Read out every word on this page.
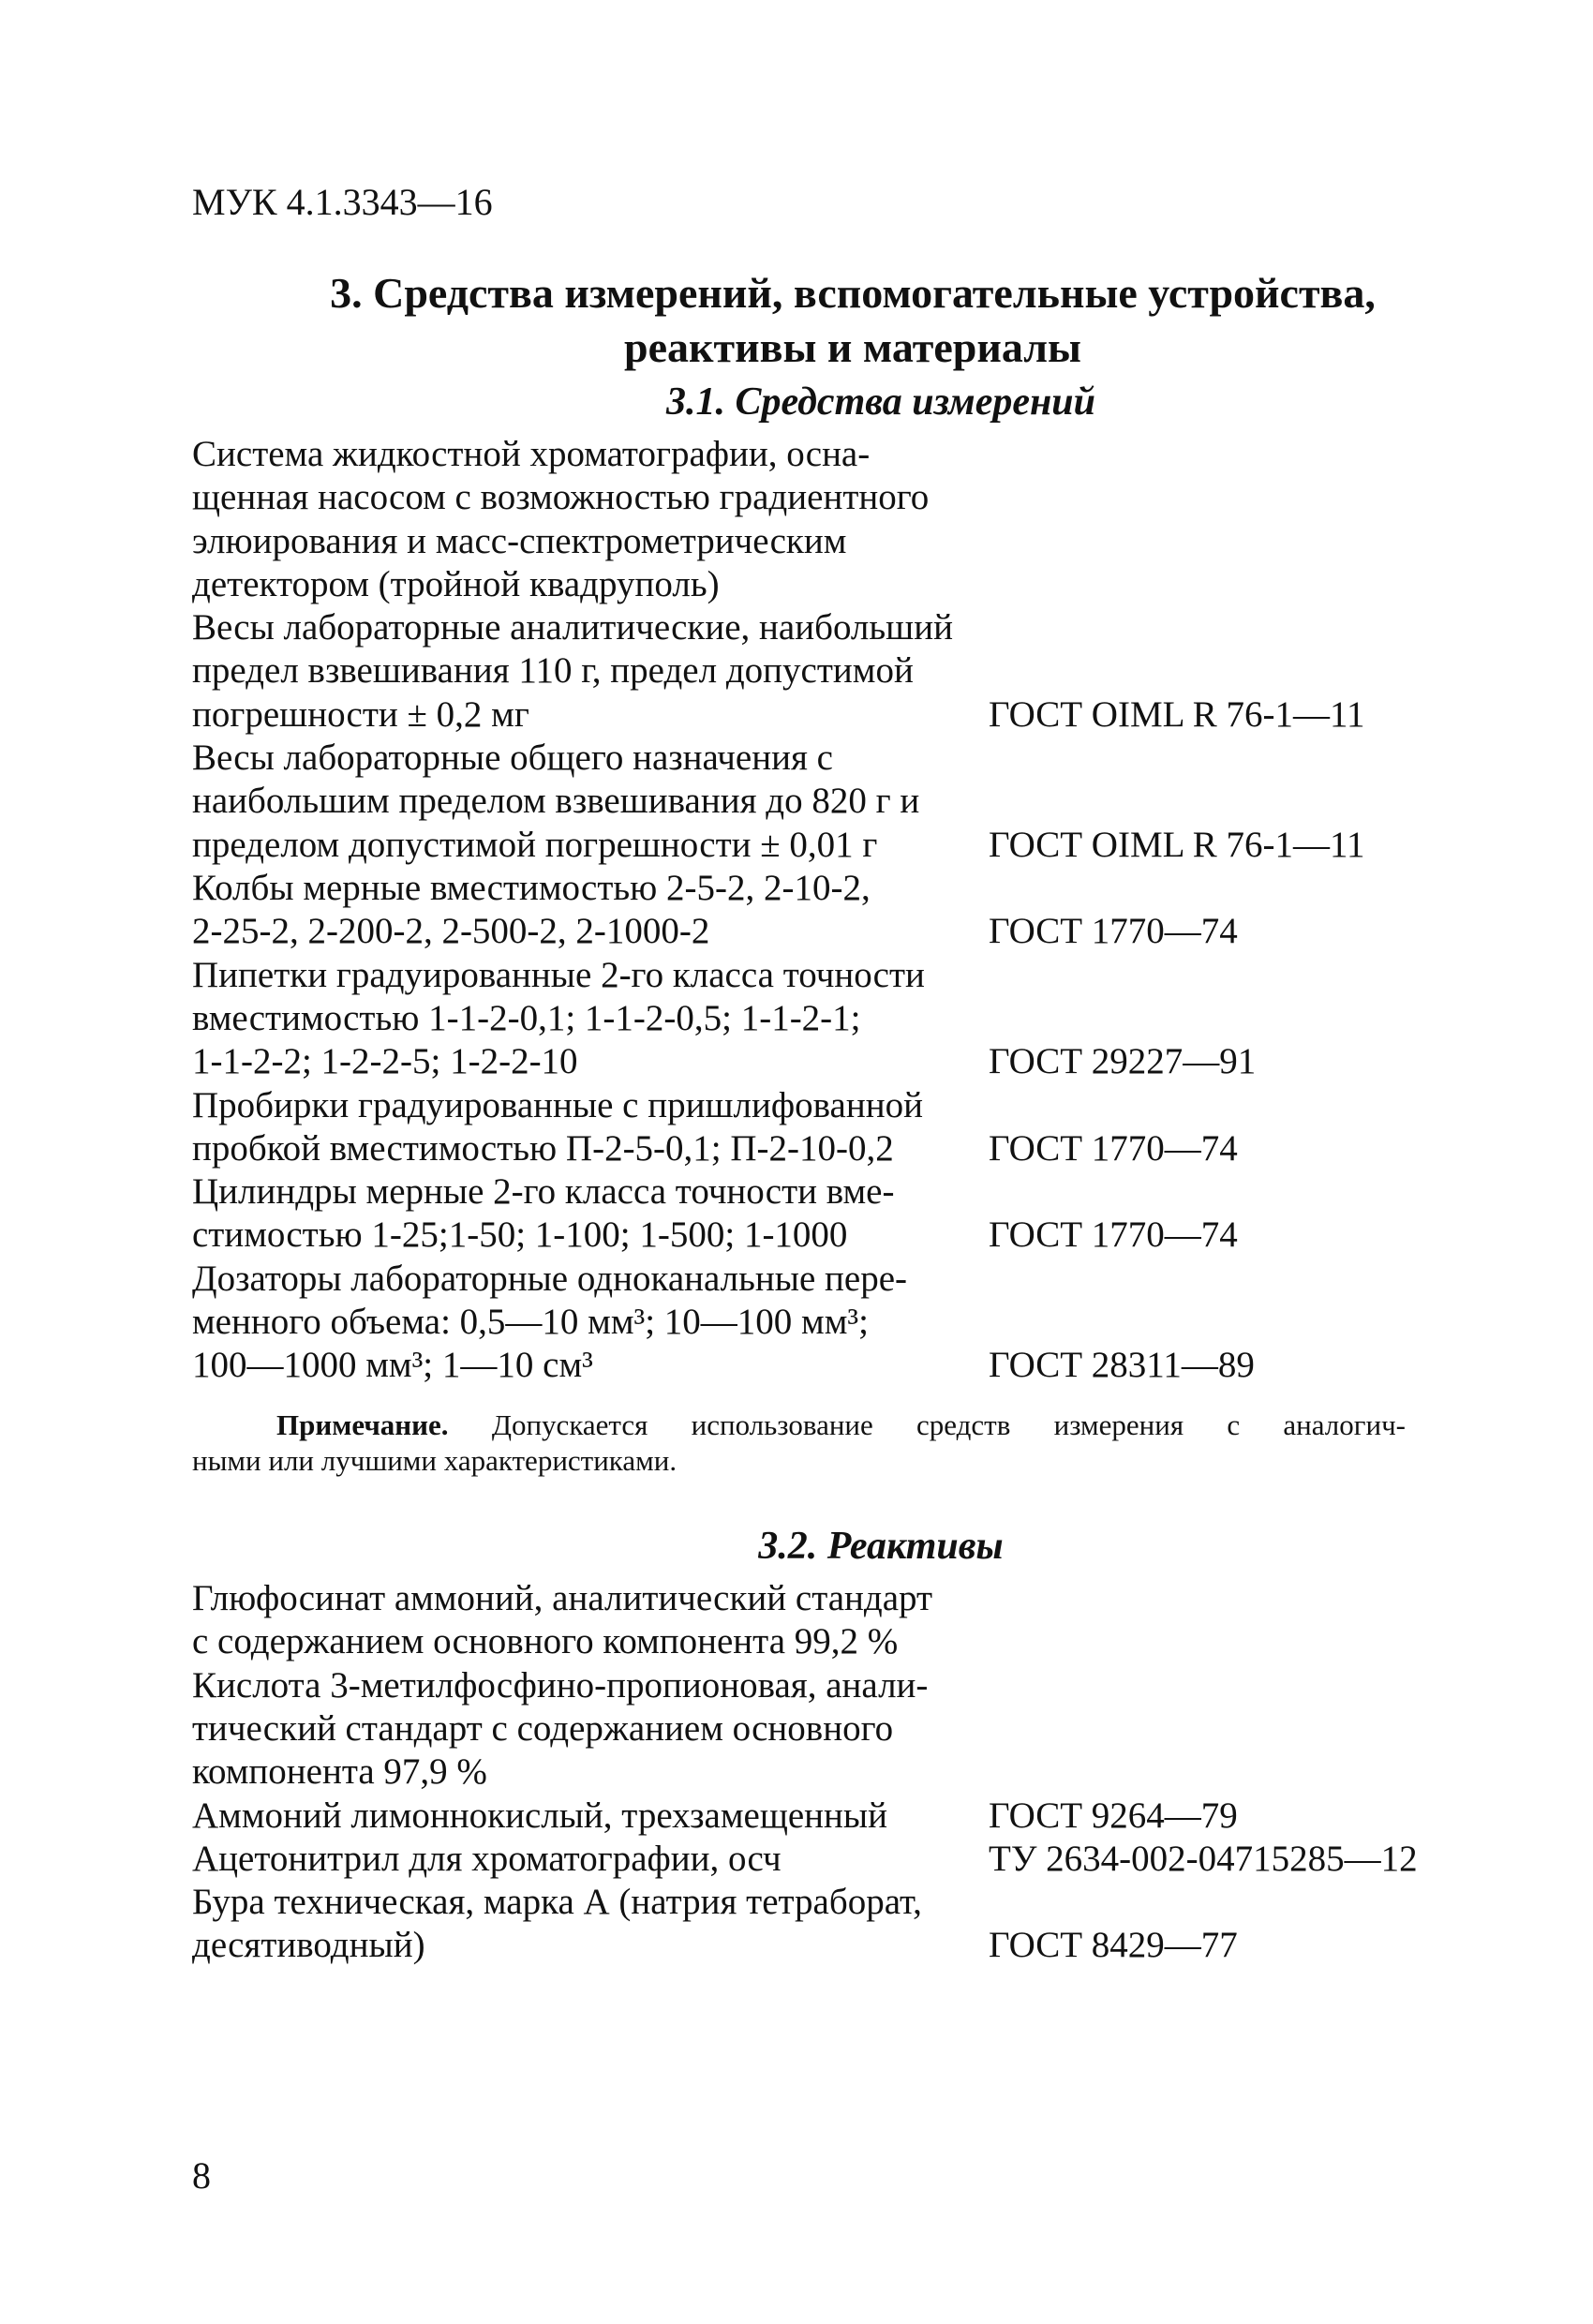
МУК 4.1.3343—16
3. Средства измерений, вспомогательные устройства,
реактивы и материалы
3.1. Средства измерений
Система жидкостной хроматографии, осна-
щенная насосом с возможностью градиентного
элюирования и масс-спектрометрическим
детектором (тройной квадруполь)
Весы лабораторные аналитические, наибольший
предел взвешивания 110 г, предел допустимой
погрешности ± 0,2 мг	ГОСТ OIML R 76-1—11
Весы лабораторные общего назначения с
наибольшим пределом взвешивания до 820 г и
пределом допустимой погрешности ± 0,01 г	ГОСТ OIML R 76-1—11
Колбы мерные вместимостью 2-5-2, 2-10-2,
2-25-2, 2-200-2, 2-500-2, 2-1000-2	ГОСТ 1770—74
Пипетки градуированные 2-го класса точности
вместимостью 1-1-2-0,1; 1-1-2-0,5; 1-1-2-1;
1-1-2-2; 1-2-2-5; 1-2-2-10	ГОСТ 29227—91
Пробирки градуированные с пришлифованной
пробкой вместимостью П-2-5-0,1; П-2-10-0,2	ГОСТ 1770—74
Цилиндры мерные 2-го класса точности вме-
стимостью 1-25;1-50; 1-100; 1-500; 1-1000	ГОСТ 1770—74
Дозаторы лабораторные одноканальные пере-
менного объема: 0,5—10 мм³; 10—100 мм³;
100—1000 мм³; 1—10 см³	ГОСТ 28311—89
Примечание. Допускается использование средств измерения с аналогич-
ными или лучшими характеристиками.
3.2. Реактивы
Глюфосинат аммоний, аналитический стандарт
с содержанием основного компонента 99,2 %
Кислота 3-метилфосфино-пропионовая, анали-
тический стандарт с содержанием основного
компонента 97,9 %
Аммоний лимоннокислый, трехзамещенный	ГОСТ 9264—79
Ацетонитрил для хроматографии, осч	ТУ 2634-002-04715285—12
Бура техническая, марка А (натрия тетраборат,
десятиводный)	ГОСТ 8429—77
8
